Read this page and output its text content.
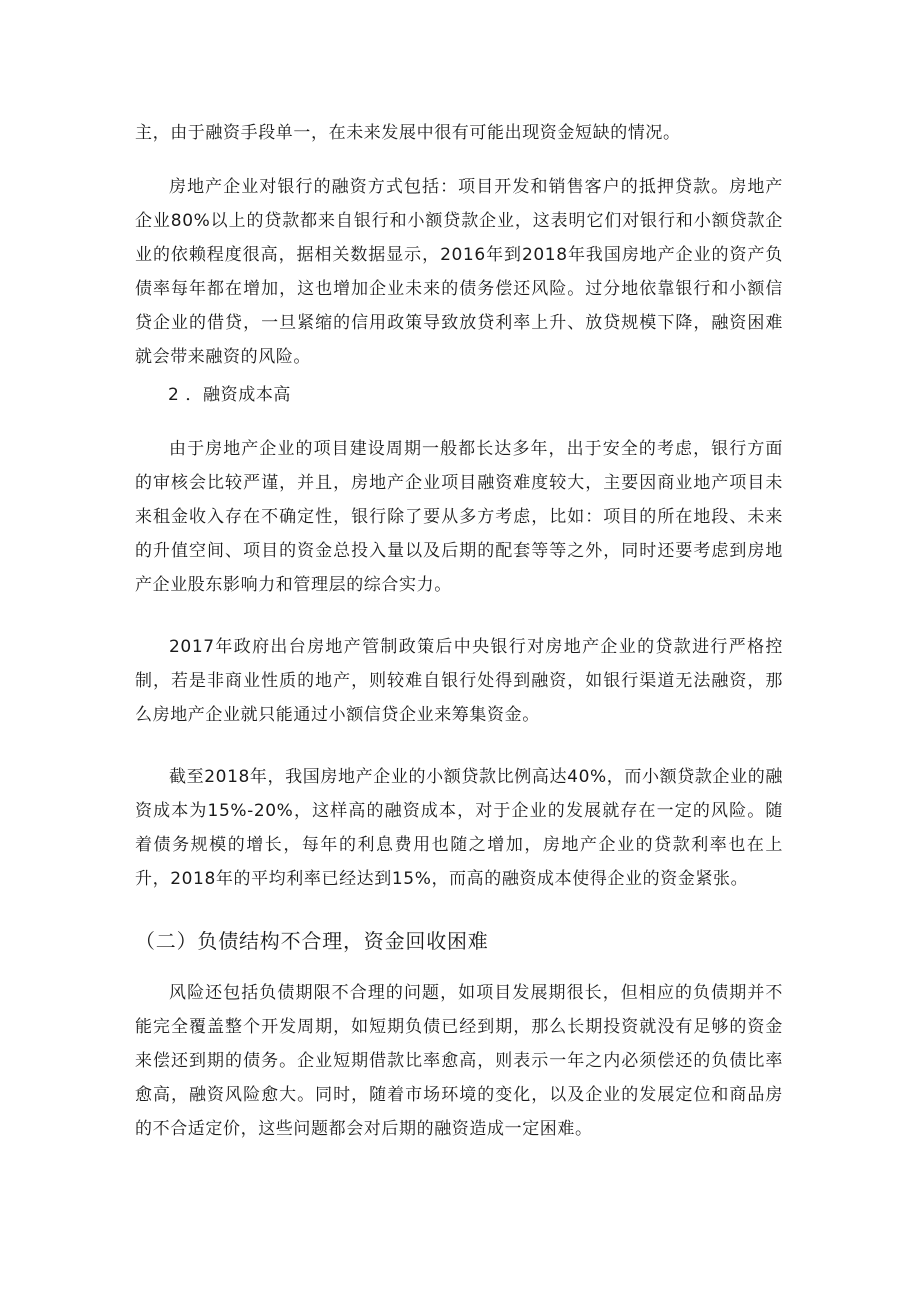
主，由于融资手段单一，在未来发展中很有可能出现资金短缺的情况。

房地产企业对银行的融资方式包括：项目开发和销售客户的抵押贷款。房地产企业80%以上的贷款都来自银行和小额贷款企业，这表明它们对银行和小额贷款企业的依赖程度很高，据相关数据显示，2016年到2018年我国房地产企业的资产负债率每年都在增加，这也增加企业未来的债务偿还风险。过分地依靠银行和小额信贷企业的借贷，一旦紧缩的信用政策导致放贷利率上升、放贷规模下降，融资困难就会带来融资的风险。

2 ．融资成本高

由于房地产企业的项目建设周期一般都长达多年，出于安全的考虑，银行方面的审核会比较严谨，并且，房地产企业项目融资难度较大，主要因商业地产项目未来租金收入存在不确定性，银行除了要从多方考虑，比如：项目的所在地段、未来的升值空间、项目的资金总投入量以及后期的配套等等之外，同时还要考虑到房地产企业股东影响力和管理层的综合实力。

2017年政府出台房地产管制政策后中央银行对房地产企业的贷款进行严格控制，若是非商业性质的地产，则较难自银行处得到融资，如银行渠道无法融资，那么房地产企业就只能通过小额信贷企业来筹集资金。

截至2018年，我国房地产企业的小额贷款比例高达40%，而小额贷款企业的融资成本为15%-20%，这样高的融资成本，对于企业的发展就存在一定的风险。随着债务规模的增长，每年的利息费用也随之增加，房地产企业的贷款利率也在上升，2018年的平均利率已经达到15%，而高的融资成本使得企业的资金紧张。

（二）负债结构不合理，资金回收困难

风险还包括负债期限不合理的问题，如项目发展期很长，但相应的负债期并不能完全覆盖整个开发周期，如短期负债已经到期，那么长期投资就没有足够的资金来偿还到期的债务。企业短期借款比率愈高，则表示一年之内必须偿还的负债比率愈高，融资风险愈大。同时，随着市场环境的变化，以及企业的发展定位和商品房的不合适定价，这些问题都会对后期的融资造成一定困难。
